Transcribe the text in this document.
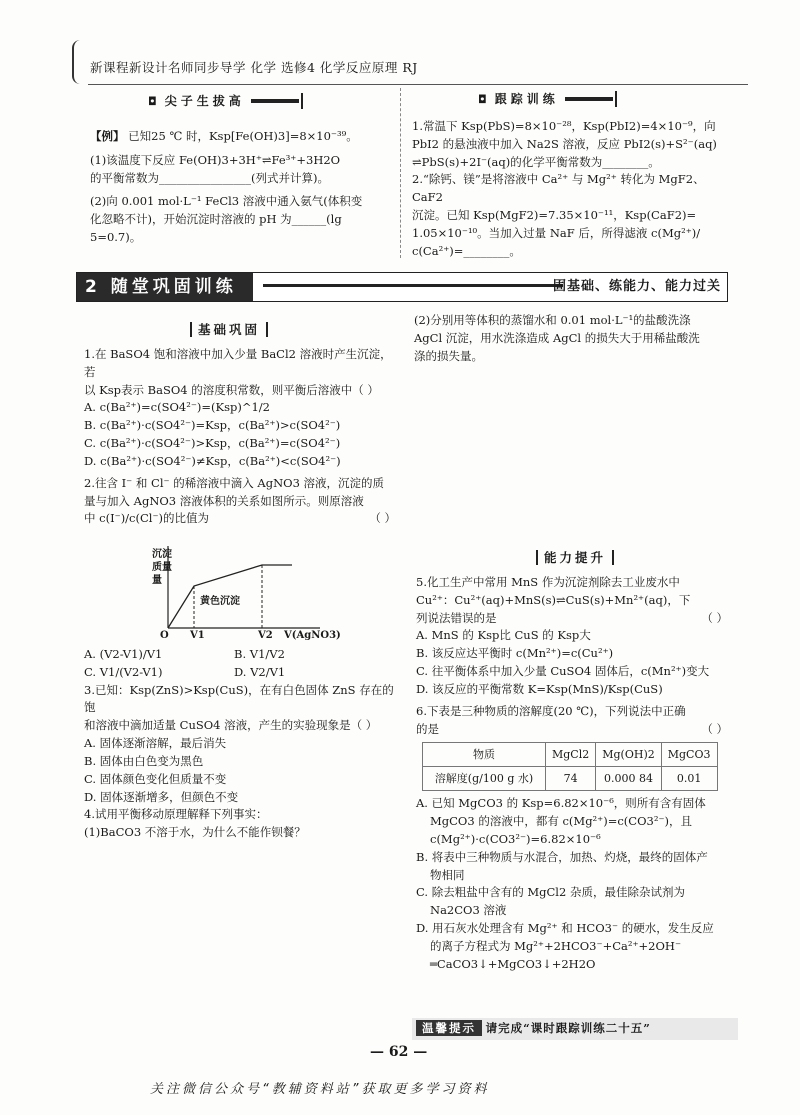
新课程新设计名师同步导学 化学 选修4 化学反应原理 RJ
◘ 尖子生拔高

【例】 已知25 ℃ 时，Ksp[Fe(OH)3]=8×10⁻³⁹。

(1)该温度下反应 Fe(OH)3+3H⁺⇌Fe³⁺+3H2O

的平衡常数为________________(列式并计算)。

(2)向 0.001 mol·L⁻¹ FeCl3 溶液中通入氨气(体积变

化忽略不计)，开始沉淀时溶液的 pH 为______(lg 5=0.7)。

◘ 跟踪训练

1.常温下 Ksp(PbS)=8×10⁻²⁸，Ksp(PbI2)=4×10⁻⁹，向

PbI2 的悬浊液中加入 Na2S 溶液，反应 PbI2(s)+S²⁻(aq)

⇌PbS(s)+2I⁻(aq)的化学平衡常数为________。

2.“除钙、镁”是将溶液中 Ca²⁺ 与 Mg²⁺ 转化为 MgF2、CaF2

沉淀。已知 Ksp(MgF2)=7.35×10⁻¹¹，Ksp(CaF2)=

1.05×10⁻¹⁰。当加入过量 NaF 后，所得滤液 c(Mg²⁺)/

c(Ca²⁺)=________。

2 随堂巩固训练	固基础、练能力、能力过关
基础巩固

1.在 BaSO4 饱和溶液中加入少量 BaCl2 溶液时产生沉淀，若

以 Ksp表示 BaSO4 的溶度积常数，则平衡后溶液中（ ）

A. c(Ba²⁺)=c(SO4²⁻)=(Ksp)^1/2

B. c(Ba²⁺)·c(SO4²⁻)=Ksp，c(Ba²⁺)>c(SO4²⁻)

C. c(Ba²⁺)·c(SO4²⁻)>Ksp，c(Ba²⁺)=c(SO4²⁻)

D. c(Ba²⁺)·c(SO4²⁻)≠Ksp，c(Ba²⁺)<c(SO4²⁻)

2.往含 I⁻ 和 Cl⁻ 的稀溶液中滴入 AgNO3 溶液，沉淀的质

量与加入 AgNO3 溶液体积的关系如图所示。则原溶液

中 c(I⁻)/c(Cl⁻)的比值为	（ ）

沉淀
质量
量
黄色沉淀
O V1	V2 V(AgNO3)
A. (V2-V1)/V1	B. V1/V2
C. V1/(V2-V1)	D. V2/V1

3.已知：Ksp(ZnS)>Ksp(CuS)，在有白色固体 ZnS 存在的饱

和溶液中滴加适量 CuSO4 溶液，产生的实验现象是（ ）

A. 固体逐渐溶解，最后消失

B. 固体由白色变为黑色

C. 固体颜色变化但质量不变

D. 固体逐渐增多，但颜色不变

4.试用平衡移动原理解释下列事实：

(1)BaCO3 不溶于水，为什么不能作钡餐？

(2)分别用等体积的蒸馏水和 0.01 mol·L⁻¹的盐酸洗涤

AgCl 沉淀，用水洗涤造成 AgCl 的损失大于用稀盐酸洗

涤的损失量。

能力提升

5.化工生产中常用 MnS 作为沉淀剂除去工业废水中

Cu²⁺：Cu²⁺(aq)+MnS(s)⇌CuS(s)+Mn²⁺(aq)，下

列说法错误的是	（ ）

A. MnS 的 Ksp比 CuS 的 Ksp大

B. 该反应达平衡时 c(Mn²⁺)=c(Cu²⁺)

C. 往平衡体系中加入少量 CuSO4 固体后，c(Mn²⁺)变大

D. 该反应的平衡常数 K=Ksp(MnS)/Ksp(CuS)

6.下表是三种物质的溶解度(20 ℃)，下列说法中正确

的是	（ ）

物质	MgCl2	Mg(OH)2	MgCO3
溶解度(g/100 g 水)	74	0.000 84	0.01

A. 已知 MgCO3 的 Ksp=6.82×10⁻⁶，则所有含有固体

MgCO3 的溶液中，都有 c(Mg²⁺)=c(CO3²⁻)，且

c(Mg²⁺)·c(CO3²⁻)=6.82×10⁻⁶

B. 将表中三种物质与水混合，加热、灼烧，最终的固体产

物相同

C. 除去粗盐中含有的 MgCl2 杂质，最佳除杂试剂为

Na2CO3 溶液

D. 用石灰水处理含有 Mg²⁺ 和 HCO3⁻ 的硬水，发生反应

的离子方程式为 Mg²⁺+2HCO3⁻+Ca²⁺+2OH⁻

═CaCO3↓+MgCO3↓+2H2O

温馨提示 请完成“课时跟踪训练二十五”
— 62 —
关注微信公众号“教辅资料站”获取更多学习资料
